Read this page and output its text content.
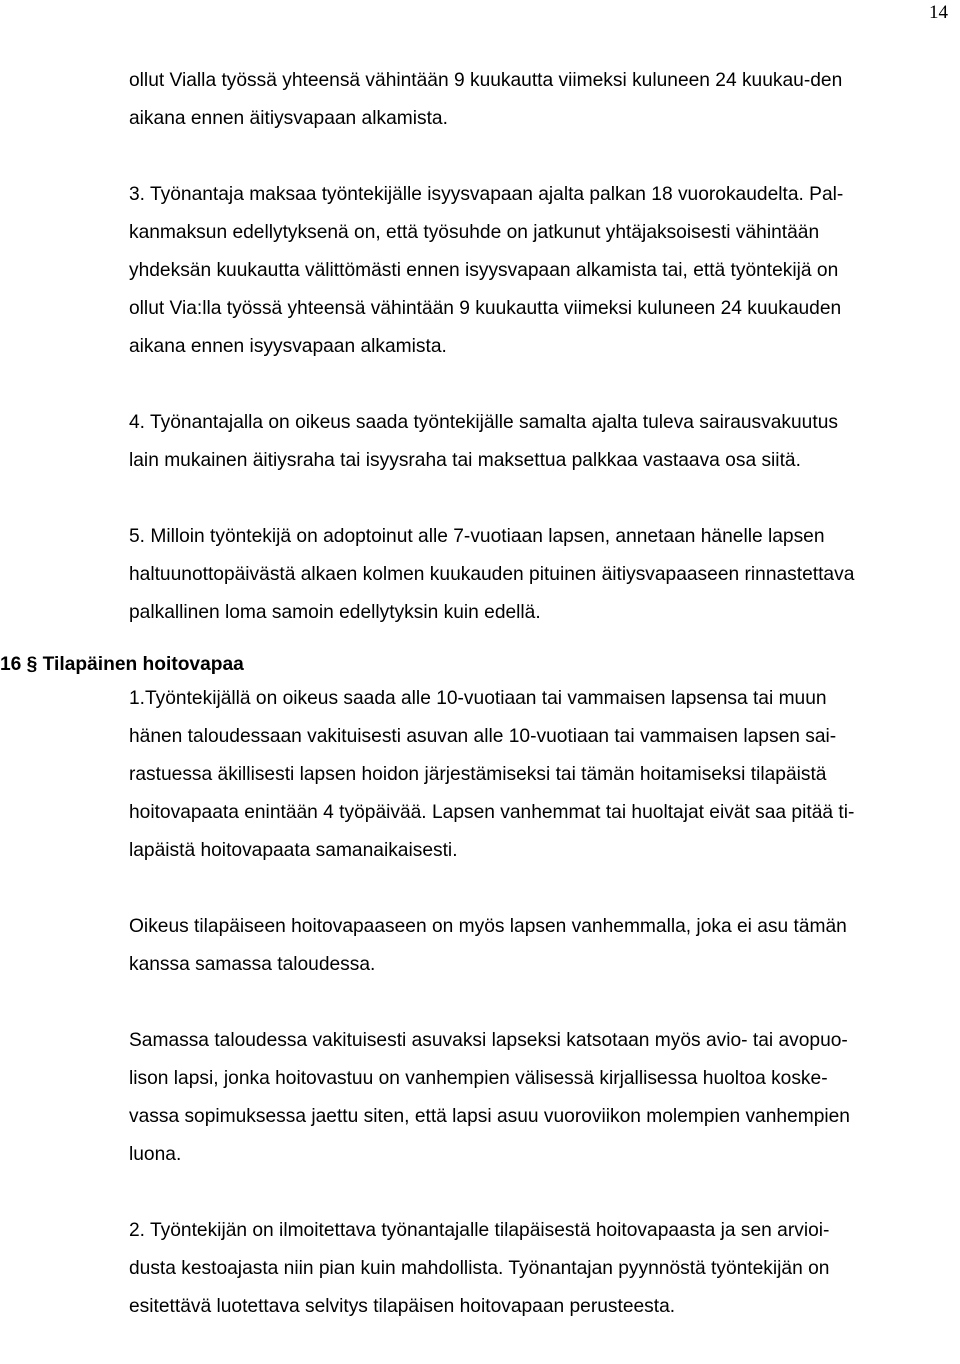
14
ollut Vialla työssä yhteensä vähintään 9 kuukautta viimeksi kuluneen 24 kuukau-den
aikana ennen äitiysvapaan alkamista.
3. Työnantaja maksaa työntekijälle isyysvapaan ajalta palkan 18 vuorokaudelta. Pal-
kanmaksun edellytyksenä on, että työsuhde on jatkunut yhtäjaksoisesti vähintään
yhdeksän kuukautta välittömästi ennen isyysvapaan alkamista tai, että työntekijä on
ollut Via:lla työssä yhteensä vähintään 9 kuukautta viimeksi kuluneen 24 kuukauden
aikana ennen isyysvapaan alkamista.
4. Työnantajalla on oikeus saada työntekijälle samalta ajalta tuleva sairausvakuutus
lain mukainen äitiysraha tai isyysraha tai maksettua palkkaa vastaava osa siitä.
5. Milloin työntekijä on adoptoinut alle 7-vuotiaan lapsen, annetaan hänelle lapsen
haltuunottopäivästä alkaen kolmen kuukauden pituinen äitiysvapaaseen rinnastettava
palkallinen loma samoin edellytyksin kuin edellä.
16 § Tilapäinen hoitovapaa
1.Työntekijällä on oikeus saada alle 10-vuotiaan tai vammaisen lapsensa tai muun
hänen taloudessaan vakituisesti asuvan alle 10-vuotiaan tai vammaisen lapsen sai-
rastuessa äkillisesti lapsen hoidon järjestämiseksi tai tämän hoitamiseksi tilapäistä
hoitovapaata enintään 4 työpäivää. Lapsen vanhemmat tai huoltajat eivät saa pitää ti-
lapäistä hoitovapaata samanaikaisesti.
Oikeus tilapäiseen hoitovapaaseen on myös lapsen vanhemmalla, joka ei asu tämän
kanssa samassa taloudessa.
Samassa taloudessa vakituisesti asuvaksi lapseksi katsotaan myös avio- tai avopuo-
lison lapsi, jonka hoitovastuu on vanhempien välisessä kirjallisessa huoltoa koske-
vassa sopimuksessa jaettu siten, että lapsi asuu vuoroviikon molempien vanhempien
luona.
2. Työntekijän on ilmoitettava työnantajalle tilapäisestä hoitovapaasta ja sen arvioi-
dusta kestoajasta niin pian kuin mahdollista. Työnantajan pyynnöstä työntekijän on
esitettävä luotettava selvitys tilapäisen hoitovapaan perusteesta.
